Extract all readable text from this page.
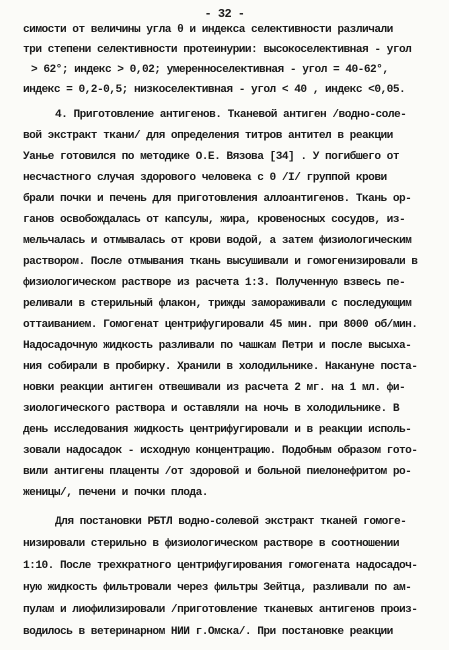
- 32 -
симости от величины угла θ и индекса селективности различали
три степени селективности протеинурии: высокоселективная - угол
> 62°; индекс > 0,02; умеренноселективная - угол = 40-62°,
индекс = 0,2-0,5; низкоселективная - угол < 40 , индекс <0,05.
4. Приготовление антигенов. Тканевой антиген /водно-соле-
вой экстракт ткани/ для определения титров антител в реакции
Уанье готовился по методике О.Е. Вязова [34] . У погибшего от
несчастного случая здорового человека с 0 /I/ группой крови
брали почки и печень для приготовления аллоантигенов. Ткань ор-
ганов освобождалась от капсулы, жира, кровеносных сосудов, из-
мельчалась и отмывалась от крови водой, а затем физиологическим
раствором. После отмывания ткань высушивали и гомогенизировали в
физиологическом растворе из расчета 1:3. Полученную взвесь пе-
реливали в стерильный флакон, трижды замораживали с последующим
оттаиванием. Гомогенат центрифугировали 45 мин. при 8000 об/мин.
Надосадочную жидкость разливали по чашкам Петри и после высыха-
ния собирали в пробирку. Хранили в холодильнике. Накануне поста-
новки реакции антиген отвешивали из расчета 2 мг. на 1 мл. фи-
зиологического раствора и оставляли на ночь в холодильнике. В
день исследования жидкость центрифугировали и в реакции исполь-
зовали надосадок - исходную концентрацию. Подобным образом гото-
вили антигены плаценты /от здоровой и больной пиелонефритом ро-
женицы/, печени и почки плода.
Для постановки РБТЛ водно-солевой экстракт тканей гомоге-
низировали стерильно в физиологическом растворе в соотношении
1:10. После трехкратного центрифугирования гомогената надосадоч-
ную жидкость фильтровали через фильтры Зейтца, разливали по ам-
пулам и лиофилизировали /приготовление тканевых антигенов произ-
водилось в ветеринарном НИИ г.Омска/. При постановке реакции
